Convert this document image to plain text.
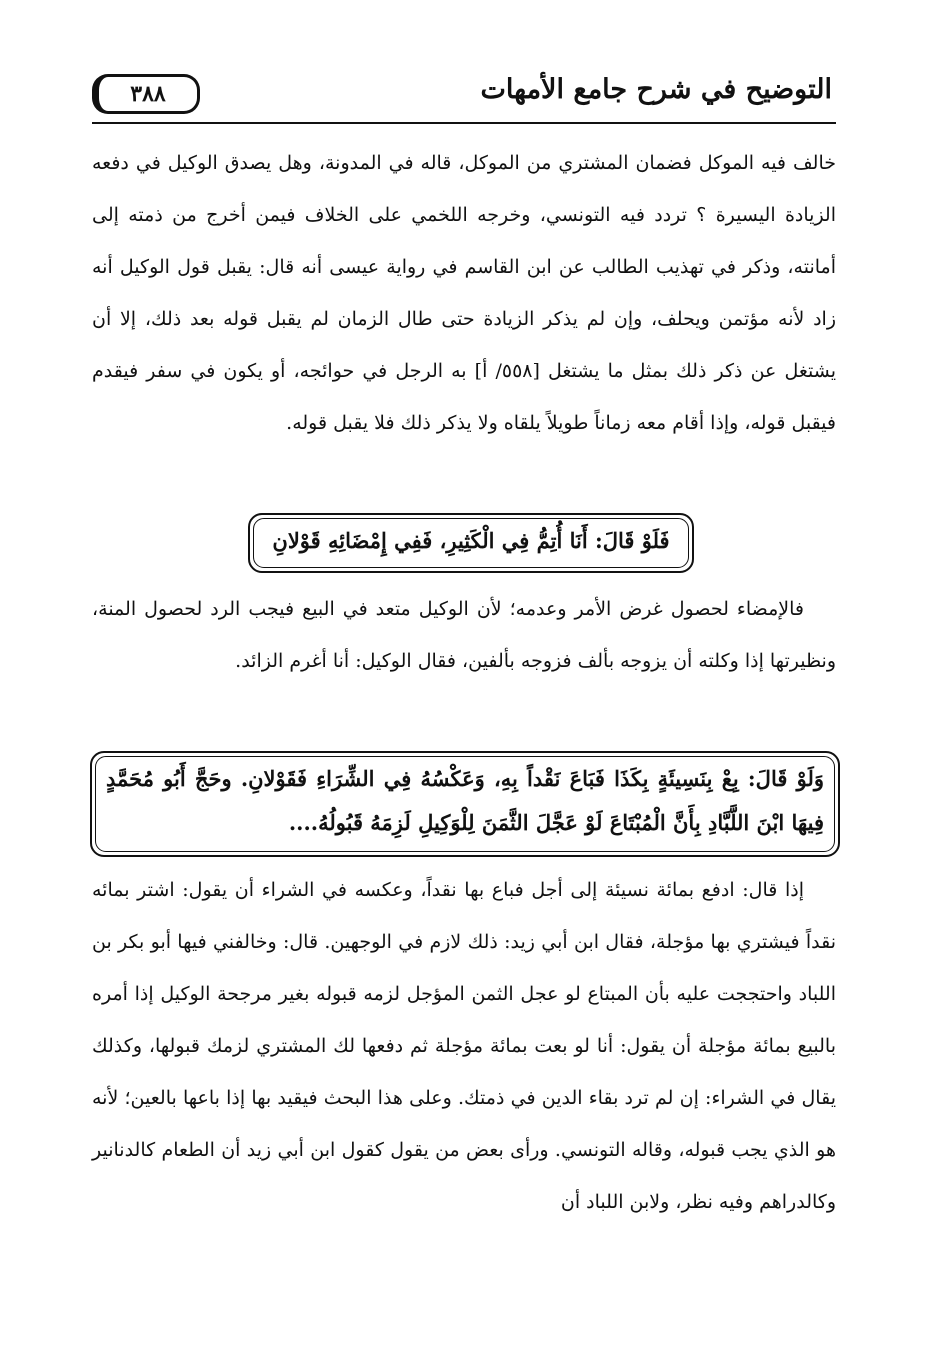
٣٨٨	التوضيح في شرح جامع الأمهات
خالف فيه الموكل فضمان المشتري من الموكل، قاله في المدونة، وهل يصدق الوكيل في دفعه الزيادة اليسيرة ؟ تردد فيه التونسي، وخرجه اللخمي على الخلاف فيمن أخرج من ذمته إلى أمانته، وذكر في تهذيب الطالب عن ابن القاسم في رواية عيسى أنه قال: يقبل قول الوكيل أنه زاد لأنه مؤتمن ويحلف، وإن لم يذكر الزيادة حتى طال الزمان لم يقبل قوله بعد ذلك، إلا أن يشتغل عن ذكر ذلك بمثل ما يشتغل [٥٥٨/ أ] به الرجل في حوائجه، أو يكون في سفر فيقدم فيقبل قوله، وإذا أقام معه زماناً طويلاً يلقاه ولا يذكر ذلك فلا يقبل قوله.
فَلَوْ قَالَ: أَنَا أُتِمُّ فِي الْكَثِيرِ، فَفِي إِمْضَائِهِ قَوْلانِ
فالإمضاء لحصول غرض الأمر وعدمه؛ لأن الوكيل متعد في البيع فيجب الرد لحصول المنة، ونظيرتها إذا وكلته أن يزوجه بألف فزوجه بألفين، فقال الوكيل: أنا أغرم الزائد.
وَلَوْ قَالَ: بِعْ بِنَسِيئَةٍ بِكَذَا فَبَاعَ نَقْداً بِهِ، وَعَكْسُهُ فِي الشِّرَاءِ فَقَوْلانِ. وحَجَّ أَبُو مُحَمَّدٍ فِيهَا ابْنَ اللَّبَّادِ بِأَنَّ الْمُبْتَاعَ لَوْ عَجَّلَ الثَّمَنَ لِلْوَكِيلِ لَزِمَهُ قَبُولُهُ....
إذا قال: ادفع بمائة نسيئة إلى أجل فباع بها نقداً، وعكسه في الشراء أن يقول: اشتر بمائه نقداً فيشتري بها مؤجلة، فقال ابن أبي زيد: ذلك لازم في الوجهين. قال: وخالفني فيها أبو بكر بن اللباد واحتججت عليه بأن المبتاع لو عجل الثمن المؤجل لزمه قبوله بغير مرجحة الوكيل إذا أمره بالبيع بمائة مؤجلة أن يقول: أنا لو بعت بمائة مؤجلة ثم دفعها لك المشتري لزمك قبولها، وكذلك يقال في الشراء: إن لم ترد بقاء الدين في ذمتك. وعلى هذا البحث فيقيد بها إذا باعها بالعين؛ لأنه هو الذي يجب قبوله، وقاله التونسي. ورأى بعض من يقول كقول ابن أبي زيد أن الطعام كالدنانير وكالدراهم وفيه نظر، ولابن اللباد أن
